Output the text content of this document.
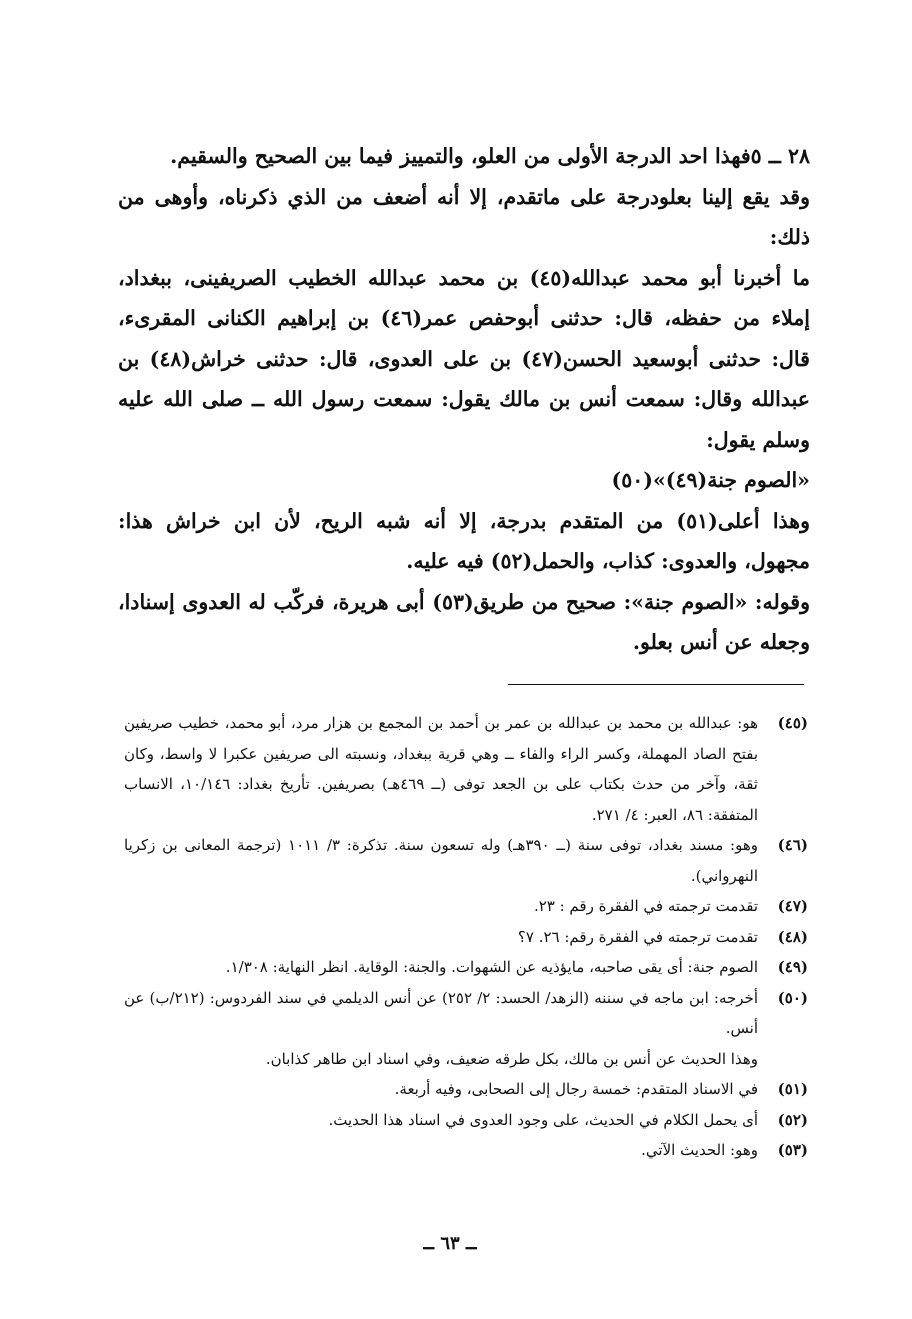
٢٨ ــ ٥فهذا احد الدرجة الأولى من العلو، والتمييز فيما بين الصحيح والسقيم.

وقد يقع إلينا بعلودرجة على ماتقدم، إلا أنه أضعف من الذي ذكرناه، وأوهى من ذلك:

ما أخبرنا أبو محمد عبدالله(٤٥) بن محمد عبدالله الخطيب الصريفينى، ببغداد، إملاء من حفظه، قال: حدثنى أبوحفص عمر(٤٦) بن إبراهيم الكنانى المقرىء، قال: حدثنى أبوسعيد الحسن(٤٧) بن على العدوى، قال: حدثنى خراش(٤٨) بن عبدالله وقال: سمعت أنس بن مالك يقول: سمعت رسول الله ــ صلى الله عليه وسلم يقول:

«الصوم جنة(٤٩)»(٥٠)

وهذا أعلى(٥١) من المتقدم بدرجة، إلا أنه شبه الريح، لأن ابن خراش هذا: مجهول، والعدوى: كذاب، والحمل(٥٢) فيه عليه.

وقوله: «الصوم جنة»: صحيح من طريق(٥٣) أبى هريرة، فركّب له العدوى إسنادا، وجعله عن أنس بعلو.

(٤٥)
هو: عبدالله بن محمد بن عبدالله بن عمر بن أحمد بن المجمع بن هزار مرد، أبو محمد، خطيب صريفين بفتح الصاد المهملة، وكسر الراء والفاء ــ وهي قرية ببغداد، ونسبته الى صريفين عكبرا لا واسط، وكان ثقة، وآخر من حدث بكتاب على بن الجعد توفى (ــ ٤٦٩هـ) بصريفين. تأريخ بغداد: ١٠/١٤٦، الانساب المتفقة: ٨٦، العبر: ٤/ ٢٧١.
(٤٦)
وهو: مسند بغداد، توفى سنة (ــ ٣٩٠هـ) وله تسعون سنة. تذكرة: ٣/ ١٠١١ (ترجمة المعانى بن زكريا النهرواني).
(٤٧)
تقدمت ترجمته في الفقرة رقم : ٢٣.
(٤٨)
تقدمت ترجمته في الفقرة رقم: ٢٦. ٧؟
(٤٩)
الصوم جنة: أى يقى صاحبه، مايؤذيه عن الشهوات. والجنة: الوقاية. انظر النهاية: ١/٣٠٨.
(٥٠)
أخرجه: ابن ماجه في سننه (الزهد/ الحسد: ٢/ ٢٥٢) عن أنس الديلمي في سند الفردوس: (٢١٢/ب) عن أنس.
وهذا الحديث عن أنس بن مالك، بكل طرقه ضعيف، وفي اسناد ابن طاهر كذابان.
(٥١)
في الاسناد المتقدم: خمسة رجال إلى الصحابى، وفيه أربعة.
(٥٢)
أى يحمل الكلام في الحديث، على وجود العدوى في اسناد هذا الحديث.
(٥٣)
وهو: الحديث الآتي.
ــ ٦٣ ــ
